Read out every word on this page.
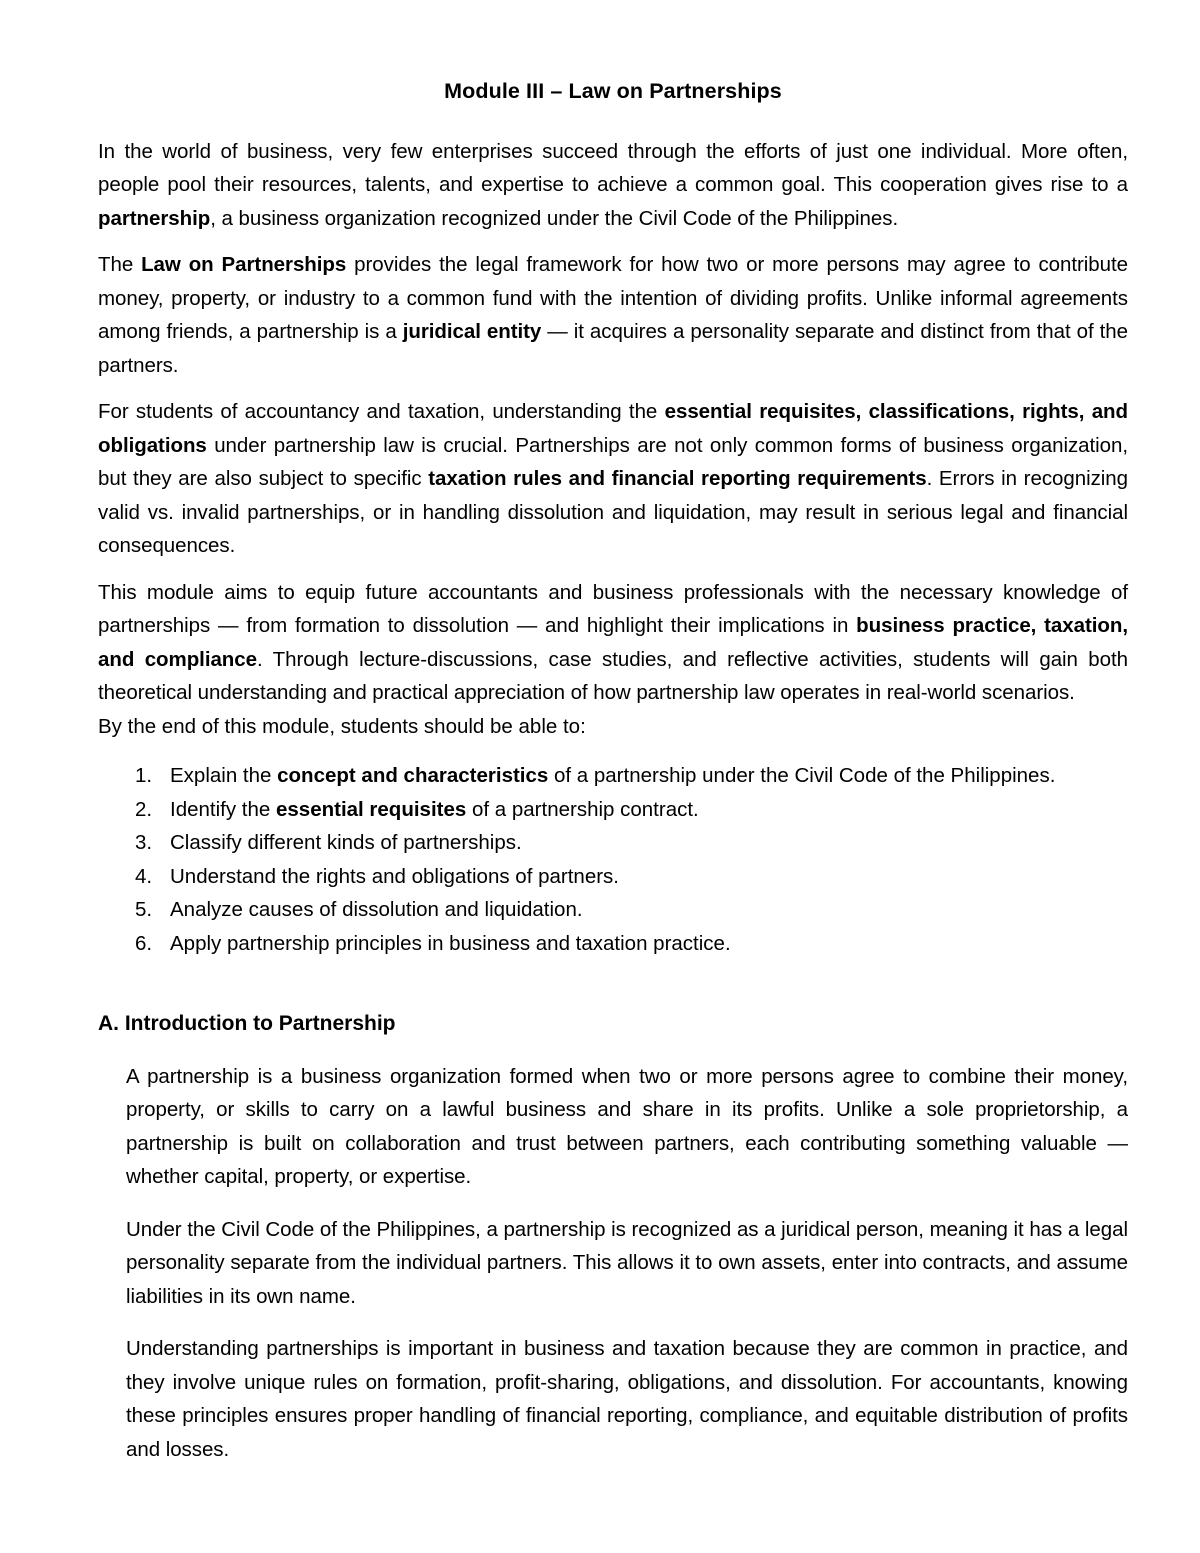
Module III – Law on Partnerships

In the world of business, very few enterprises succeed through the efforts of just one individual. More often, people pool their resources, talents, and expertise to achieve a common goal. This cooperation gives rise to a partnership, a business organization recognized under the Civil Code of the Philippines.

The Law on Partnerships provides the legal framework for how two or more persons may agree to contribute money, property, or industry to a common fund with the intention of dividing profits. Unlike informal agreements among friends, a partnership is a juridical entity — it acquires a personality separate and distinct from that of the partners.

For students of accountancy and taxation, understanding the essential requisites, classifications, rights, and obligations under partnership law is crucial. Partnerships are not only common forms of business organization, but they are also subject to specific taxation rules and financial reporting requirements. Errors in recognizing valid vs. invalid partnerships, or in handling dissolution and liquidation, may result in serious legal and financial consequences.

This module aims to equip future accountants and business professionals with the necessary knowledge of partnerships — from formation to dissolution — and highlight their implications in business practice, taxation, and compliance. Through lecture-discussions, case studies, and reflective activities, students will gain both theoretical understanding and practical appreciation of how partnership law operates in real-world scenarios.

By the end of this module, students should be able to:

Explain the concept and characteristics of a partnership under the Civil Code of the Philippines.
Identify the essential requisites of a partnership contract.
Classify different kinds of partnerships.
Understand the rights and obligations of partners.
Analyze causes of dissolution and liquidation.
Apply partnership principles in business and taxation practice.
A. Introduction to Partnership

A partnership is a business organization formed when two or more persons agree to combine their money, property, or skills to carry on a lawful business and share in its profits. Unlike a sole proprietorship, a partnership is built on collaboration and trust between partners, each contributing something valuable — whether capital, property, or expertise.

Under the Civil Code of the Philippines, a partnership is recognized as a juridical person, meaning it has a legal personality separate from the individual partners. This allows it to own assets, enter into contracts, and assume liabilities in its own name.

Understanding partnerships is important in business and taxation because they are common in practice, and they involve unique rules on formation, profit-sharing, obligations, and dissolution. For accountants, knowing these principles ensures proper handling of financial reporting, compliance, and equitable distribution of profits and losses.
